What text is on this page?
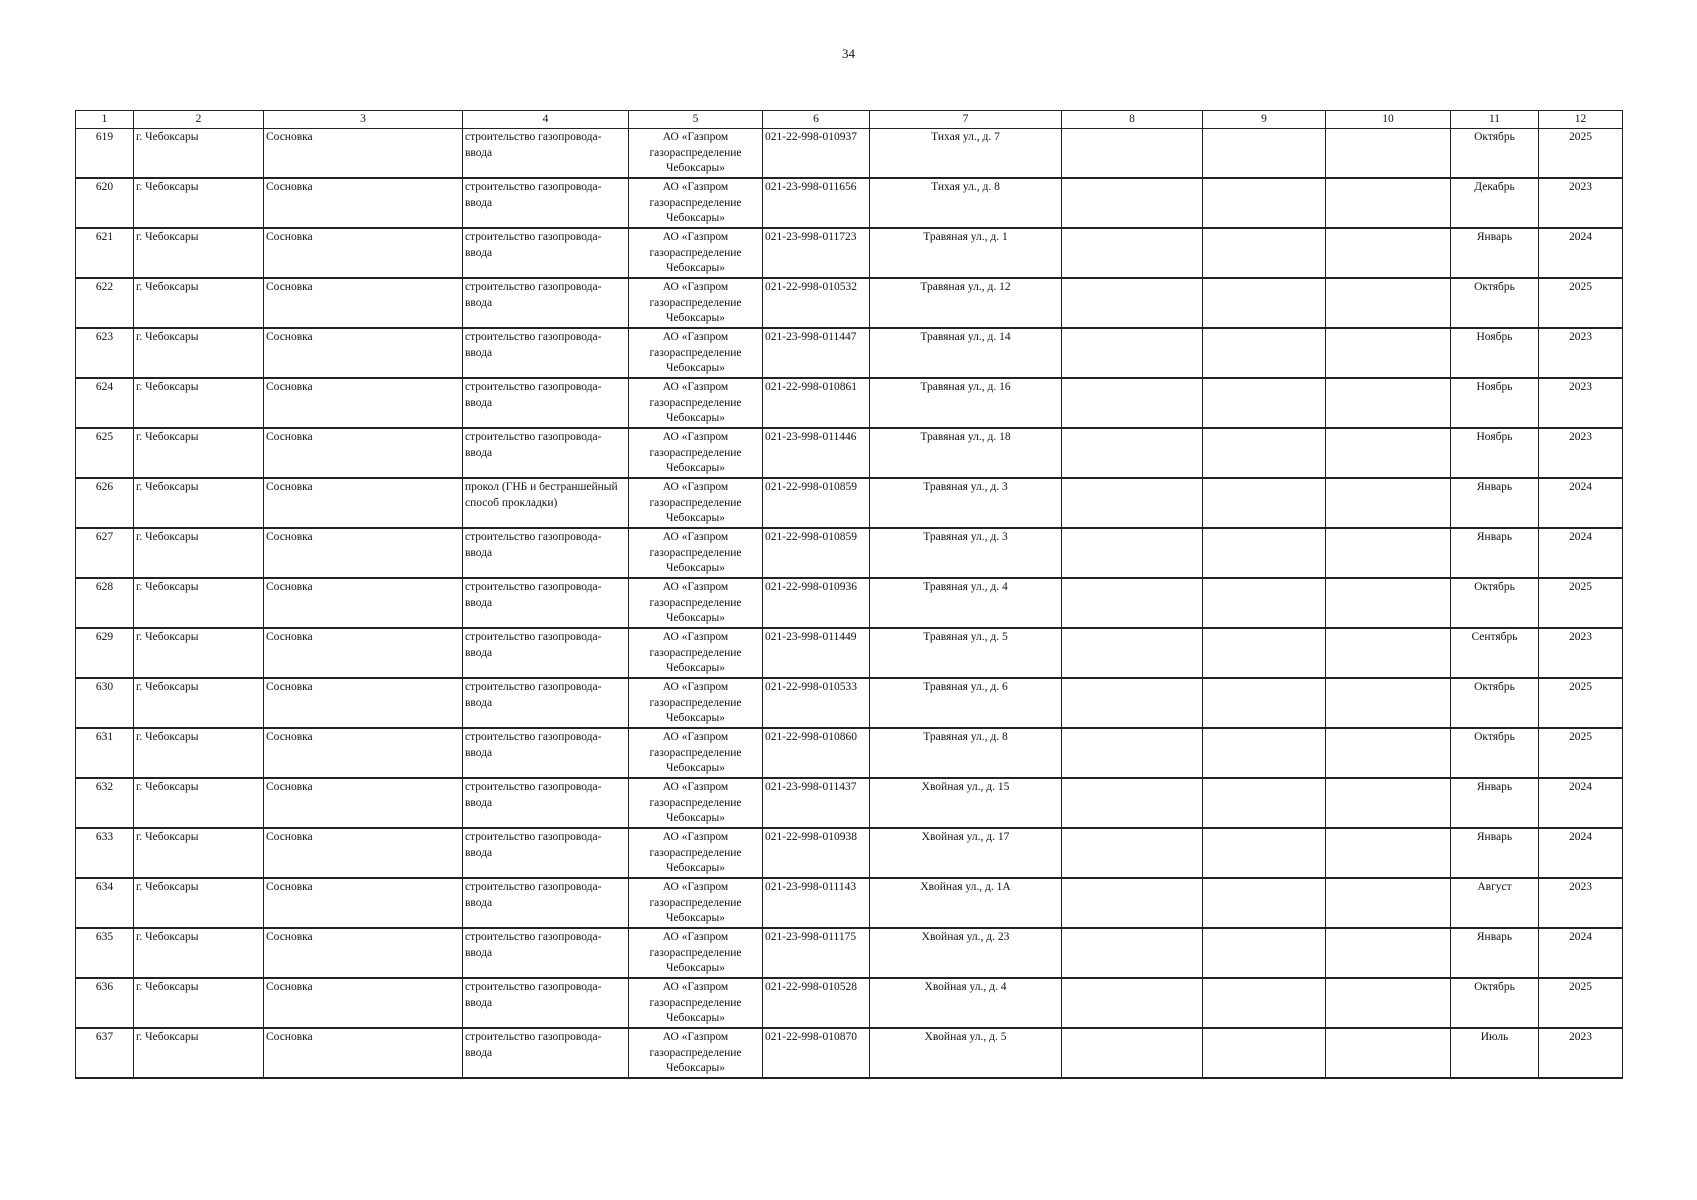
34
1	2	3	4	5	6	7	8	9	10	11	12
619	г. Чебоксары	Сосновка	строительство газопровода-ввода	АО «Газпром газораспределение Чебоксары»	021-22-998-010937	Тихая ул., д. 7				Октябрь	2025
620	г. Чебоксары	Сосновка	строительство газопровода-ввода	АО «Газпром газораспределение Чебоксары»	021-23-998-011656	Тихая ул., д. 8				Декабрь	2023
621	г. Чебоксары	Сосновка	строительство газопровода-ввода	АО «Газпром газораспределение Чебоксары»	021-23-998-011723	Травяная ул., д. 1				Январь	2024
622	г. Чебоксары	Сосновка	строительство газопровода-ввода	АО «Газпром газораспределение Чебоксары»	021-22-998-010532	Травяная ул., д. 12				Октябрь	2025
623	г. Чебоксары	Сосновка	строительство газопровода-ввода	АО «Газпром газораспределение Чебоксары»	021-23-998-011447	Травяная ул., д. 14				Ноябрь	2023
624	г. Чебоксары	Сосновка	строительство газопровода-ввода	АО «Газпром газораспределение Чебоксары»	021-22-998-010861	Травяная ул., д. 16				Ноябрь	2023
625	г. Чебоксары	Сосновка	строительство газопровода-ввода	АО «Газпром газораспределение Чебоксары»	021-23-998-011446	Травяная ул., д. 18				Ноябрь	2023
626	г. Чебоксары	Сосновка	прокол (ГНБ и бестраншейный способ прокладки)	АО «Газпром газораспределение Чебоксары»	021-22-998-010859	Травяная ул., д. 3				Январь	2024
627	г. Чебоксары	Сосновка	строительство газопровода-ввода	АО «Газпром газораспределение Чебоксары»	021-22-998-010859	Травяная ул., д. 3				Январь	2024
628	г. Чебоксары	Сосновка	строительство газопровода-ввода	АО «Газпром газораспределение Чебоксары»	021-22-998-010936	Травяная ул., д. 4				Октябрь	2025
629	г. Чебоксары	Сосновка	строительство газопровода-ввода	АО «Газпром газораспределение Чебоксары»	021-23-998-011449	Травяная ул., д. 5				Сентябрь	2023
630	г. Чебоксары	Сосновка	строительство газопровода-ввода	АО «Газпром газораспределение Чебоксары»	021-22-998-010533	Травяная ул., д. 6				Октябрь	2025
631	г. Чебоксары	Сосновка	строительство газопровода-ввода	АО «Газпром газораспределение Чебоксары»	021-22-998-010860	Травяная ул., д. 8				Октябрь	2025
632	г. Чебоксары	Сосновка	строительство газопровода-ввода	АО «Газпром газораспределение Чебоксары»	021-23-998-011437	Хвойная ул., д. 15				Январь	2024
633	г. Чебоксары	Сосновка	строительство газопровода-ввода	АО «Газпром газораспределение Чебоксары»	021-22-998-010938	Хвойная ул., д. 17				Январь	2024
634	г. Чебоксары	Сосновка	строительство газопровода-ввода	АО «Газпром газораспределение Чебоксары»	021-23-998-011143	Хвойная ул., д. 1А				Август	2023
635	г. Чебоксары	Сосновка	строительство газопровода-ввода	АО «Газпром газораспределение Чебоксары»	021-23-998-011175	Хвойная ул., д. 23				Январь	2024
636	г. Чебоксары	Сосновка	строительство газопровода-ввода	АО «Газпром газораспределение Чебоксары»	021-22-998-010528	Хвойная ул., д. 4				Октябрь	2025
637	г. Чебоксары	Сосновка	строительство газопровода-ввода	АО «Газпром газораспределение Чебоксары»	021-22-998-010870	Хвойная ул., д. 5				Июль	2023
